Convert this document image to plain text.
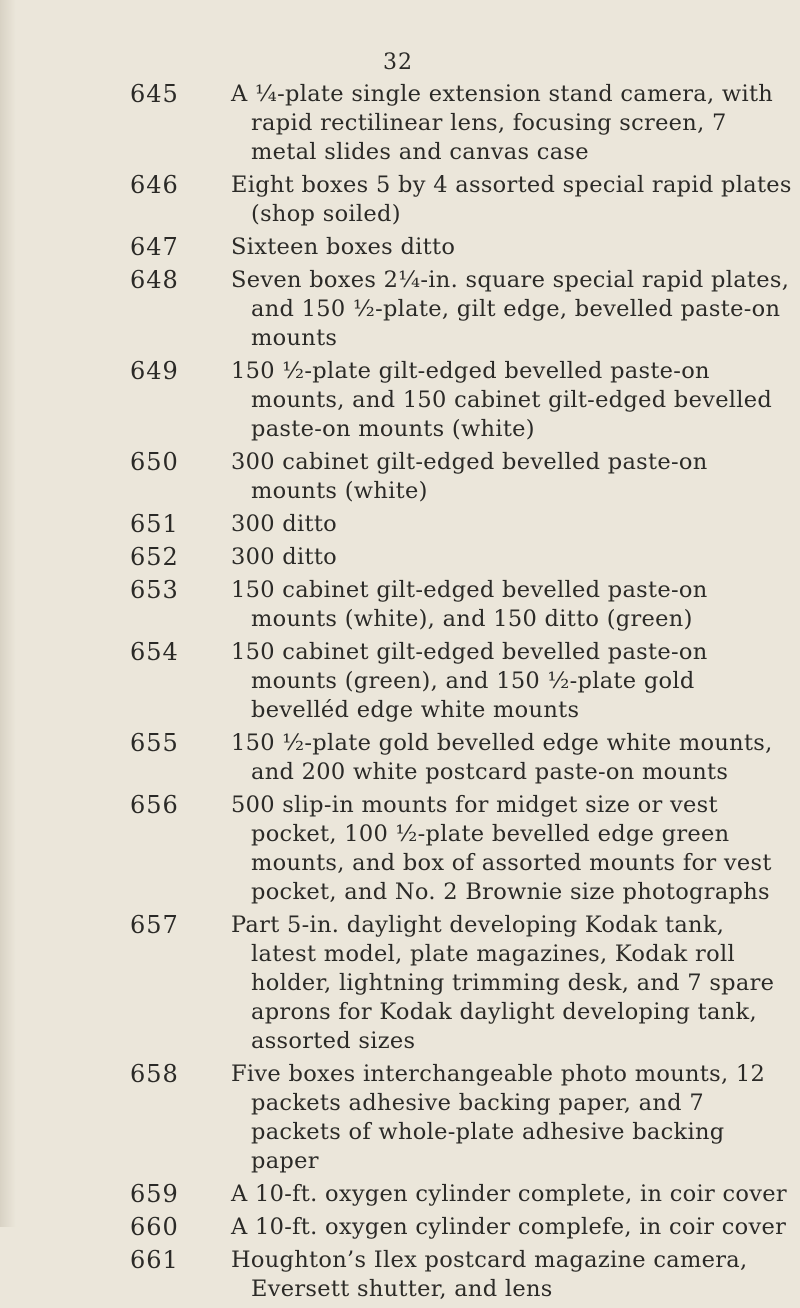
32
645 A ¼-plate single extension stand camera, with rapid rectilinear lens, focusing screen, 7 metal slides and canvas case
646 Eight boxes 5 by 4 assorted special rapid plates (shop soiled)
647 Sixteen boxes ditto
648 Seven boxes 2¼-in. square special rapid plates, and 150 ½-plate, gilt edge, bevelled paste-on mounts
649 150 ½-plate gilt-edged bevelled paste-on mounts, and 150 cabinet gilt-edged bevelled paste-on mounts (white)
650 300 cabinet gilt-edged bevelled paste-on mounts (white)
651 300 ditto
652 300 ditto
653 150 cabinet gilt-edged bevelled paste-on mounts (white), and 150 ditto (green)
654 150 cabinet gilt-edged bevelled paste-on mounts (green), and 150 ½-plate gold bevelléd edge white mounts
655 150 ½-plate gold bevelled edge white mounts, and 200 white postcard paste-on mounts
656 500 slip-in mounts for midget size or vest pocket, 100 ½-plate bevelled edge green mounts, and box of assorted mounts for vest pocket, and No. 2 Brownie size photographs
657 Part 5-in. daylight developing Kodak tank, latest model, plate magazines, Kodak roll holder, lightning trimming desk, and 7 spare aprons for Kodak daylight developing tank, assorted sizes
658 Five boxes interchangeable photo mounts, 12 packets adhesive backing paper, and 7 packets of whole-plate adhesive backing paper
659 A 10-ft. oxygen cylinder complete, in coir cover
660 A 10-ft. oxygen cylinder complefe, in coir cover
661 Houghton’s Ilex postcard magazine camera, Eversett shutter, and lens
